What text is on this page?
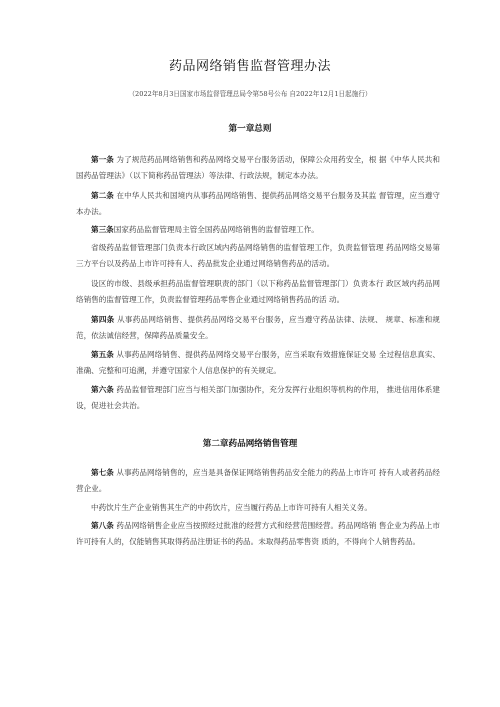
药品网络销售监督管理办法
（2022年8月3日国家市场监督管理总局令第58号公布 自2022年12月1日起施行）
第一章总则

第一条 为了规范药品网络销售和药品网络交易平台服务活动，保障公众用药安全，根 据《中华人民共和国药品管理法》（以下简称药品管理法）等法律、行政法规，制定本办法。

第二条 在中华人民共和国境内从事药品网络销售、提供药品网络交易平台服务及其监 督管理，应当遵守本办法。

第三条国家药品监督管理局主管全国药品网络销售的监督管理工作。

省级药品监督管理部门负责本行政区域内药品网络销售的监督管理工作，负责监督管理 药品网络交易第三方平台以及药品上市许可持有人、药品批发企业通过网络销售药品的活动。

设区的市级、县级承担药品监督管理职责的部门（以下称药品监督管理部门）负责本行 政区域内药品网络销售的监督管理工作，负责监督管理药品零售企业通过网络销售药品的活 动。

第四条 从事药品网络销售、提供药品网络交易平台服务，应当遵守药品法律、法规、 规章、标准和规范，依法诚信经营，保障药品质量安全。

第五条 从事药品网络销售、提供药品网络交易平台服务，应当采取有效措施保证交易 全过程信息真实、准确、完整和可追溯，并遵守国家个人信息保护的有关规定。

第六条 药品监督管理部门应当与相关部门加强协作，充分发挥行业组织等机构的作用， 推进信用体系建设，促进社会共治。

第二章药品网络销售管理

第七条 从事药品网络销售的，应当是具备保证网络销售药品安全能力的药品上市许可 持有人或者药品经营企业。

中药饮片生产企业销售其生产的中药饮片，应当履行药品上市许可持有人相关义务。

第八条 药品网络销售企业应当按照经过批准的经营方式和经营范围经营。药品网络销 售企业为药品上市许可持有人的，仅能销售其取得药品注册证书的药品。未取得药品零售资 质的，不得向个人销售药品。
